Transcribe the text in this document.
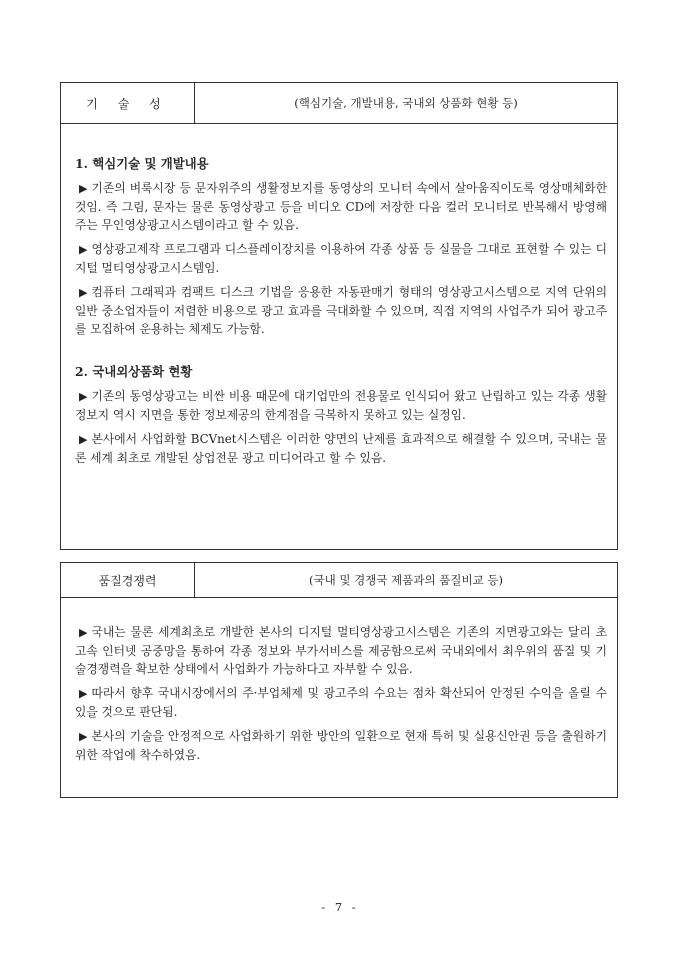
기 술 성	(핵심기술, 개발내용, 국내외 상품화 현황 등)
1. 핵심기술 및 개발내용

▶ 기존의 벼룩시장 등 문자위주의 생활정보지를 동영상의 모니터 속에서 살아움직이도록 영상매체화한 것임. 즉 그림, 문자는 물론 동영상광고 등을 비디오 CD에 저장한 다음 컬러 모니터로 반복해서 방영해주는 무인영상광고시스템이라고 할 수 있음.

▶ 영상광고제작 프로그램과 디스플레이장치를 이용하여 각종 상품 등 실물을 그대로 표현할 수 있는 디지털 멀티영상광고시스템임.

▶ 컴퓨터 그래픽과 컴팩트 디스크 기법을 응용한 자동판매기 형태의 영상광고시스템으로 지역 단위의 일반 중소업자들이 저렴한 비용으로 광고 효과를 극대화할 수 있으며, 직접 지역의 사업주가 되어 광고주를 모집하여 운용하는 체제도 가능함.

2. 국내외상품화 현황

▶ 기존의 동영상광고는 비싼 비용 때문에 대기업만의 전용물로 인식되어 왔고 난립하고 있는 각종 생활정보지 역시 지면을 통한 정보제공의 한계점을 극복하지 못하고 있는 실정임.

▶ 본사에서 사업화할 BCVnet시스템은 이러한 양면의 난제를 효과적으로 해결할 수 있으며, 국내는 물론 세계 최초로 개발된 상업전문 광고 미디어라고 할 수 있음.

품질경쟁력	(국내 및 경쟁국 제품과의 품질비교 등)

▶ 국내는 물론 세계최초로 개발한 본사의 디지털 멀티영상광고시스템은 기존의 지면광고와는 달리 초고속 인터넷 공중망을 통하여 각종 정보와 부가서비스를 제공함으로써 국내외에서 최우위의 품질 및 기술경쟁력을 확보한 상태에서 사업화가 가능하다고 자부할 수 있음.

▶ 따라서 향후 국내시장에서의 주·부업체제 및 광고주의 수요는 점차 확산되어 안정된 수익을 올릴 수 있을 것으로 판단됨.

▶ 본사의 기술을 안정적으로 사업화하기 위한 방안의 일환으로 현재 특허 및 실용신안권 등을 출원하기 위한 작업에 착수하였음.

- 7 -
